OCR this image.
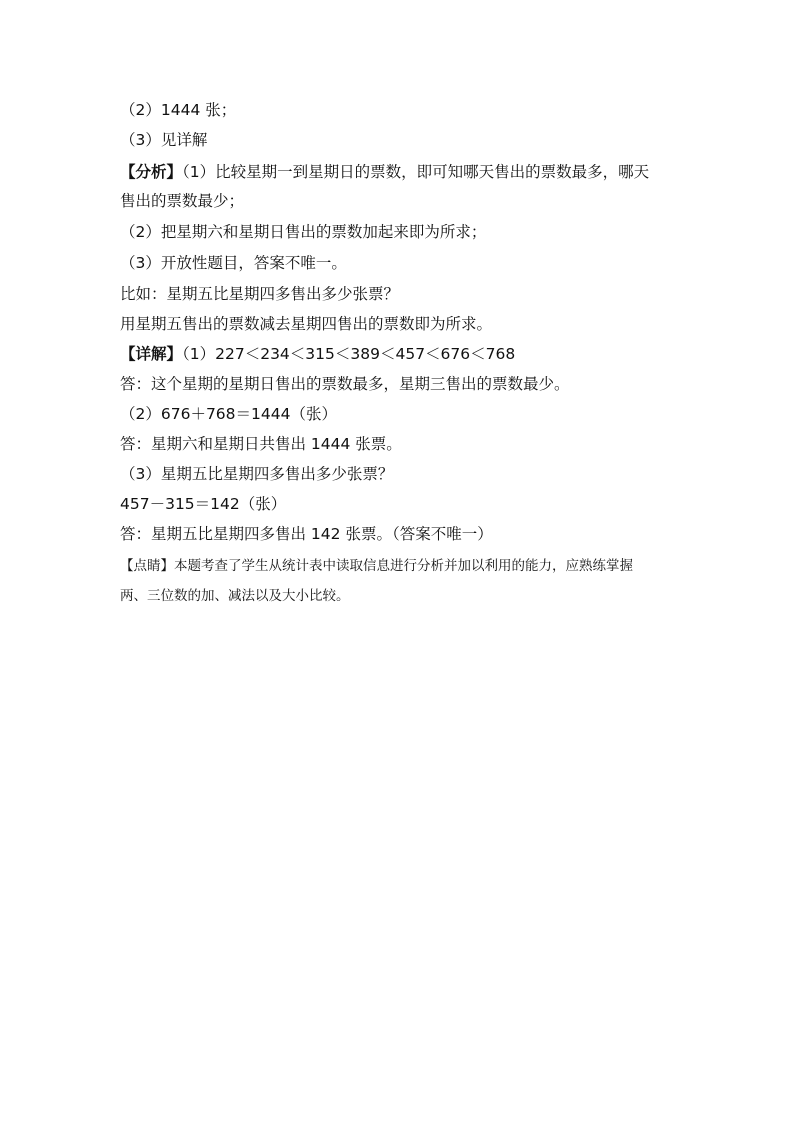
（2）1444 张；
（3）见详解
【分析】（1）比较星期一到星期日的票数，即可知哪天售出的票数最多，哪天
售出的票数最少；
（2）把星期六和星期日售出的票数加起来即为所求；
（3）开放性题目，答案不唯一。
比如：星期五比星期四多售出多少张票？
用星期五售出的票数减去星期四售出的票数即为所求。
【详解】（1）227＜234＜315＜389＜457＜676＜768
答：这个星期的星期日售出的票数最多，星期三售出的票数最少。
（2）676＋768＝1444（张）
答：星期六和星期日共售出 1444 张票。
（3）星期五比星期四多售出多少张票？
457－315＝142（张）
答：星期五比星期四多售出 142 张票。（答案不唯一）
【点睛】本题考查了学生从统计表中读取信息进行分析并加以利用的能力，应熟练掌握
两、三位数的加、减法以及大小比较。
